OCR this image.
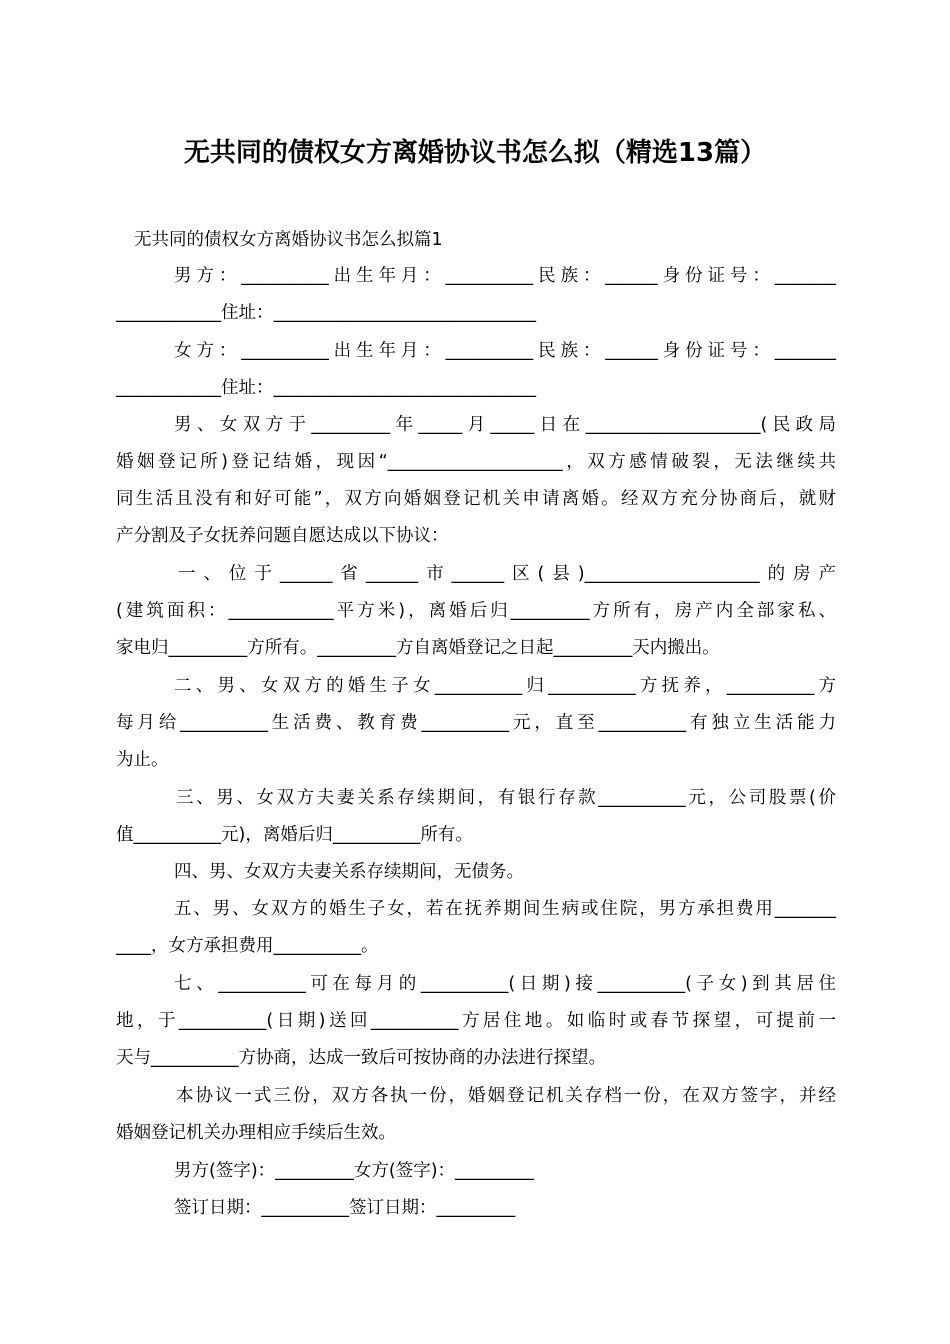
无共同的债权女方离婚协议书怎么拟（精选13篇）
无共同的债权女方离婚协议书怎么拟篇1
男方：__________出生年月：__________民族：______身份证号：_______
____________住址：______________________________
女方：__________出生年月：__________民族：______身份证号：_______
____________住址：______________________________
男、女双方于_________年_____月_____日在____________________(民政局
婚姻登记所)登记结婚，现因“____________________，双方感情破裂，无法继续共
同生活且没有和好可能”，双方向婚姻登记机关申请离婚。经双方充分协商后，就财
产分割及子女抚养问题自愿达成以下协议：
一、位于______省______市______区(县)____________________的房产
(建筑面积：____________平方米)，离婚后归_________方所有，房产内全部家私、
家电归_________方所有。_________方自离婚登记之日起_________天内搬出。
二、男、女双方的婚生子女__________归__________方抚养，__________方
每月给__________生活费、教育费__________元，直至__________有独立生活能力
为止。
三、男、女双方夫妻关系存续期间，有银行存款__________元，公司股票(价
值__________元)，离婚后归__________所有。
四、男、女双方夫妻关系存续期间，无债务。
五、男、女双方的婚生子女，若在抚养期间生病或住院，男方承担费用_______
____，女方承担费用__________。
七、__________可在每月的__________(日期)接__________(子女)到其居住
地，于__________(日期)送回__________方居住地。如临时或春节探望，可提前一
天与__________方协商，达成一致后可按协商的办法进行探望。
本协议一式三份，双方各执一份，婚姻登记机关存档一份，在双方签字，并经
婚姻登记机关办理相应手续后生效。
男方(签字)：_________女方(签字)：_________
签订日期：__________签订日期：_________
